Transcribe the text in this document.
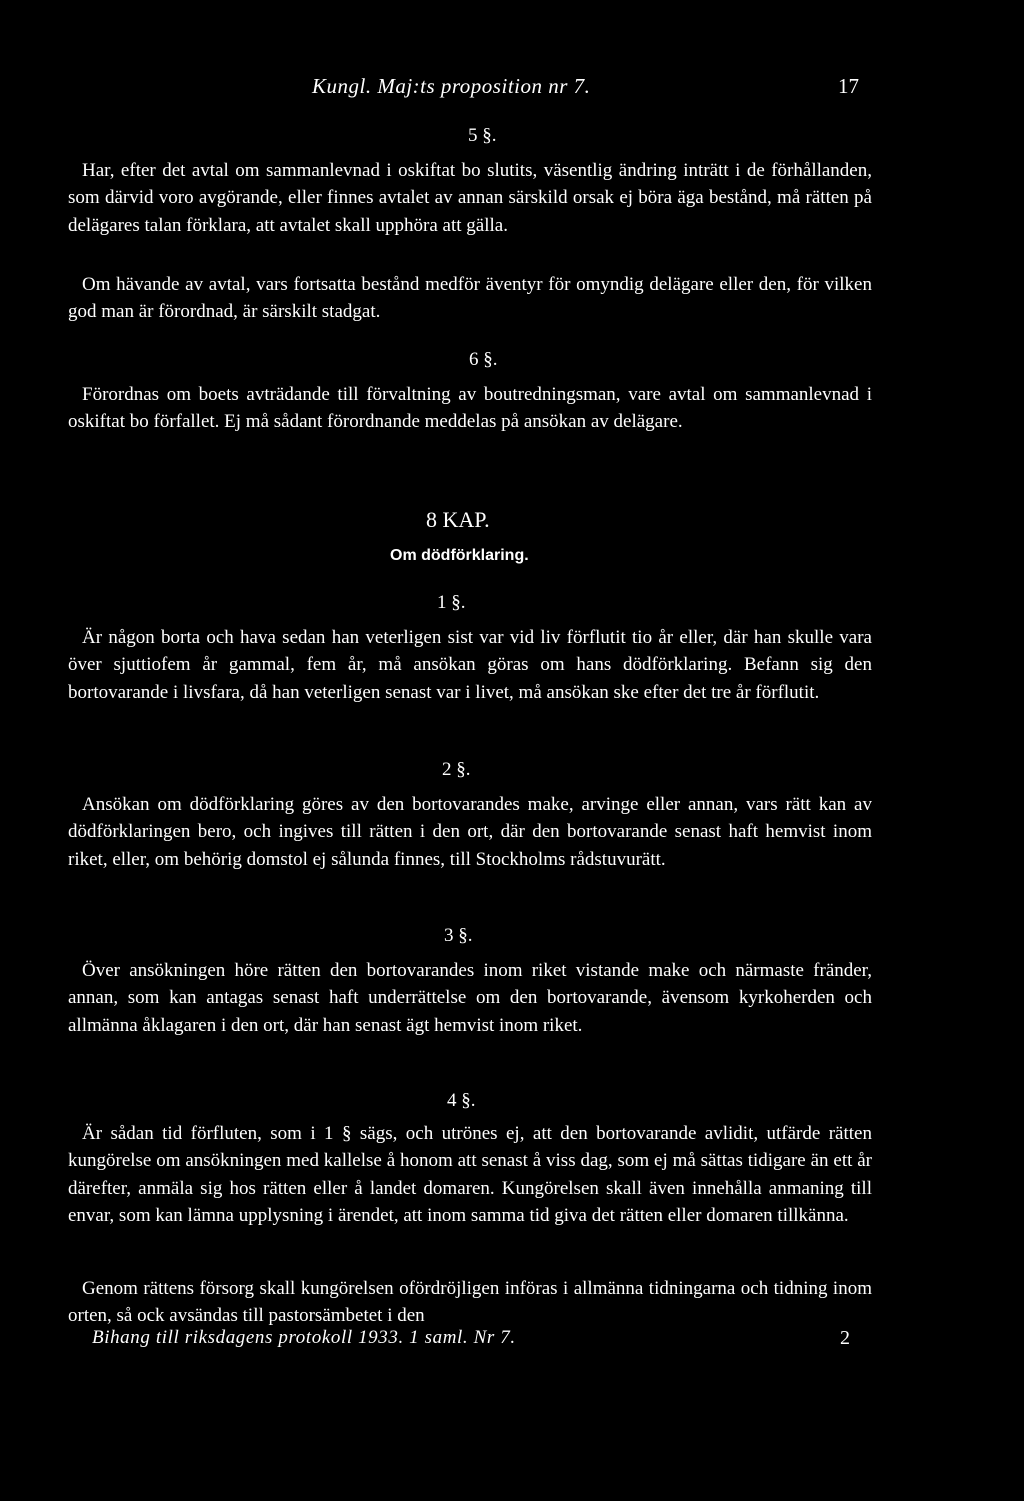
Kungl. Maj:ts proposition nr 7.	17
5 §.
Har, efter det avtal om sammanlevnad i oskiftat bo slutits, väsentlig ändring inträtt i de förhållanden, som därvid voro avgörande, eller finnes avtalet av annan särskild orsak ej böra äga bestånd, må rätten på delägares talan förklara, att avtalet skall upphöra att gälla.
Om hävande av avtal, vars fortsatta bestånd medför äventyr för omyndig delägare eller den, för vilken god man är förordnad, är särskilt stadgat.
6 §.
Förordnas om boets avträdande till förvaltning av boutredningsman, vare avtal om sammanlevnad i oskiftat bo förfallet. Ej må sådant förordnande meddelas på ansökan av delägare.
8 KAP.
Om dödförklaring.
1 §.
Är någon borta och hava sedan han veterligen sist var vid liv förflutit tio år eller, där han skulle vara över sjuttiofem år gammal, fem år, må ansökan göras om hans dödförklaring. Befann sig den bortovarande i livsfara, då han veterligen senast var i livet, må ansökan ske efter det tre år förflutit.
2 §.
Ansökan om dödförklaring göres av den bortovarandes make, arvinge eller annan, vars rätt kan av dödförklaringen bero, och ingives till rätten i den ort, där den bortovarande senast haft hemvist inom riket, eller, om behörig domstol ej sålunda finnes, till Stockholms rådstuvurätt.
3 §.
Över ansökningen höre rätten den bortovarandes inom riket vistande make och närmaste fränder, annan, som kan antagas senast haft underrättelse om den bortovarande, ävensom kyrkoherden och allmänna åklagaren i den ort, där han senast ägt hemvist inom riket.
4 §.
Är sådan tid förfluten, som i 1 § sägs, och utrönes ej, att den bortovarande avlidit, utfärde rätten kungörelse om ansökningen med kallelse å honom att senast å viss dag, som ej må sättas tidigare än ett år därefter, anmäla sig hos rätten eller å landet domaren. Kungörelsen skall även innehålla anmaning till envar, som kan lämna upplysning i ärendet, att inom samma tid giva det rätten eller domaren tillkänna.
Genom rättens försorg skall kungörelsen ofördröjligen införas i allmänna tidningarna och tidning inom orten, så ock avsändas till pastorsämbetet i den
Bihang till riksdagens protokoll 1933. 1 saml. Nr 7.	2
